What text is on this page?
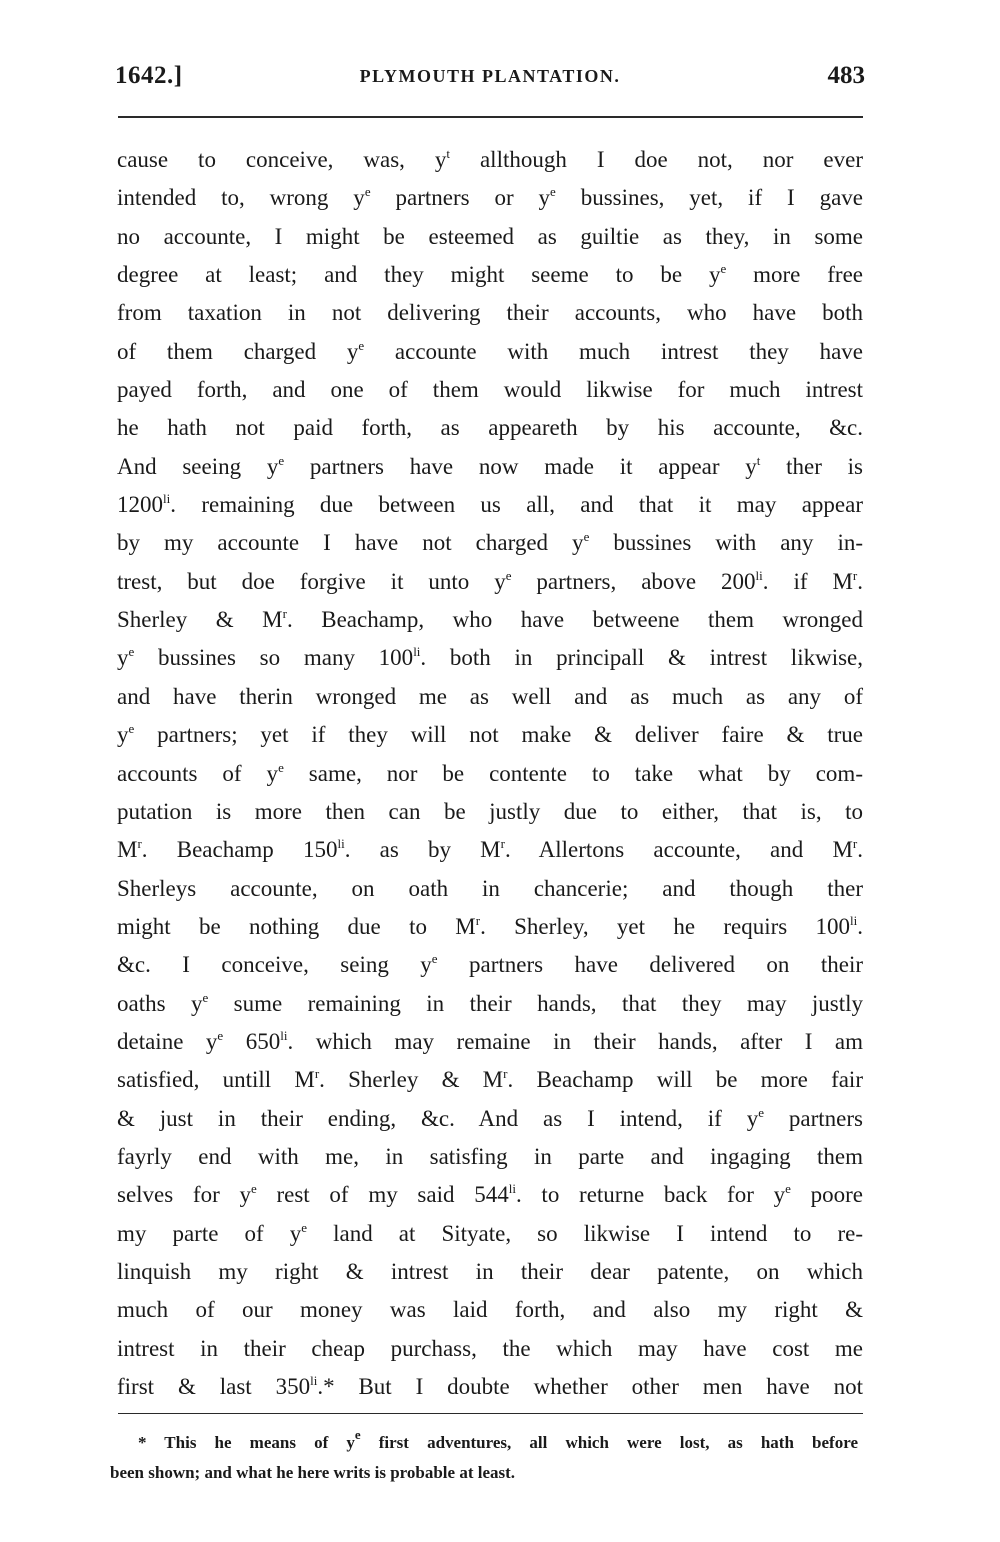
1642.]	PLYMOUTH PLANTATION.	483
cause to conceive, was, $y^t$ allthough I doe not, nor ever
intended to, wrong $y^e$ partners or $y^e$ bussines, yet, if I gave
no accounte, I might be esteemed as guiltie as they, in some
degree at least; and they might seeme to be $y^e$ more free
from taxation in not delivering their accounts, who have both
of them charged $y^e$ accounte with much intrest they have
payed forth, and one of them would likwise for much intrest
he hath not paid forth, as appeareth by his accounte, &c.
And seeing $y^e$ partners have now made it appear $y^t$ ther is
$1200^{li}$. remaining due between us all, and that it may appear
by my accounte I have not charged $y^e$ bussines with any in-
trest, but doe forgive it unto $y^e$ partners, above $200^{li}$. if $M^r$.
Sherley & $M^r$. Beachamp, who have betweene them wronged
$y^e$ bussines so many $100^{li}$. both in principall & intrest likwise,
and have therin wronged me as well and as much as any of
$y^e$ partners; yet if they will not make & deliver faire & true
accounts of $y^e$ same, nor be contente to take what by com-
putation is more then can be justly due to either, that is, to
$M^r$. Beachamp $150^{li}$. as by $M^r$. Allertons accounte, and $M^r$.
Sherleys accounte, on oath in chancerie; and though ther
might be nothing due to $M^r$. Sherley, yet he requirs $100^{li}$.
&c. I conceive, seing $y^e$ partners have delivered on their
oaths $y^e$ sume remaining in their hands, that they may justly
detaine $y^e$ $650^{li}$. which may remaine in their hands, after I am
satisfied, untill $M^r$. Sherley & $M^r$. Beachamp will be more fair
& just in their ending, &c. And as I intend, if $y^e$ partners
fayrly end with me, in satisfing in parte and ingaging them
selves for $y^e$ rest of my said $544^{li}$. to returne back for $y^e$ poore
my parte of $y^e$ land at Sityate, so likwise I intend to re-
linquish my right & intrest in their dear patente, on which
much of our money was laid forth, and also my right &
intrest in their cheap purchass, the which may have cost me
first & last $350^{li}.*$ But I doubte whether other men have not
* This he means of $y^e$ first adventures, all which were lost, as hath before
been shown; and what he here writs is probable at least.
